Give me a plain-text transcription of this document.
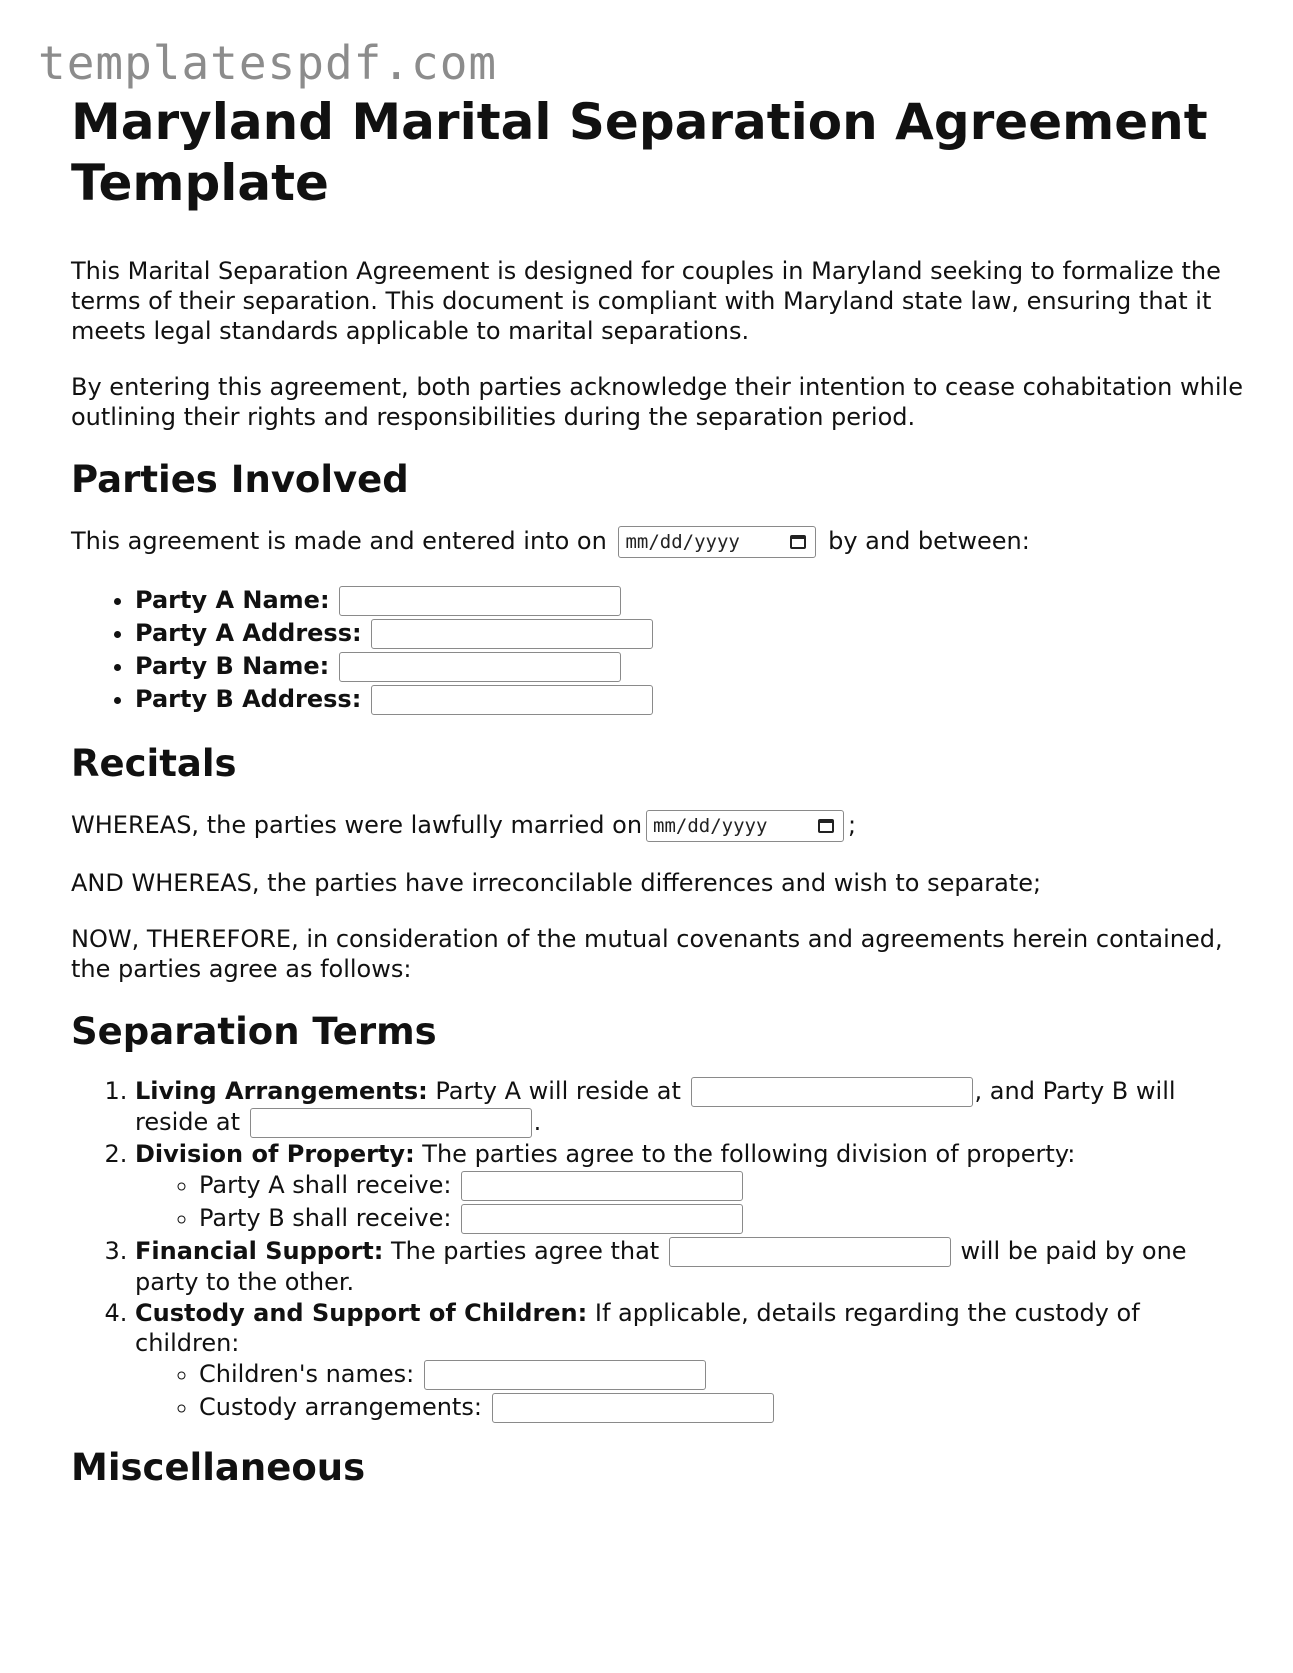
templatespdf.com
Maryland Marital Separation Agreement Template

This Marital Separation Agreement is designed for couples in Maryland seeking to formalize the terms of their separation. This document is compliant with Maryland state law, ensuring that it meets legal standards applicable to marital separations.

By entering this agreement, both parties acknowledge their intention to cease cohabitation while outlining their rights and responsibilities during the separation period.

Parties Involved

This agreement is made and entered into on mm/dd/yyyy	by and between:

• Party A Name:
• Party A Address:
• Party B Name:
• Party B Address:
Recitals

WHEREAS, the parties were lawfully married on mm/dd/yyyy	;

AND WHEREAS, the parties have irreconcilable differences and wish to separate;

NOW, THEREFORE, in consideration of the mutual covenants and agreements herein contained, the parties agree as follows:

Separation Terms
1. Living Arrangements: Party A will reside at	, and Party B will reside at	.
2. Division of Property: The parties agree to the following division of property:
◦ Party A shall receive:
◦ Party B shall receive:
3. Financial Support: The parties agree that	will be paid by one party to the other.
4. Custody and Support of Children: If applicable, details regarding the custody of children:
◦ Children's names:
◦ Custody arrangements:
Miscellaneous
